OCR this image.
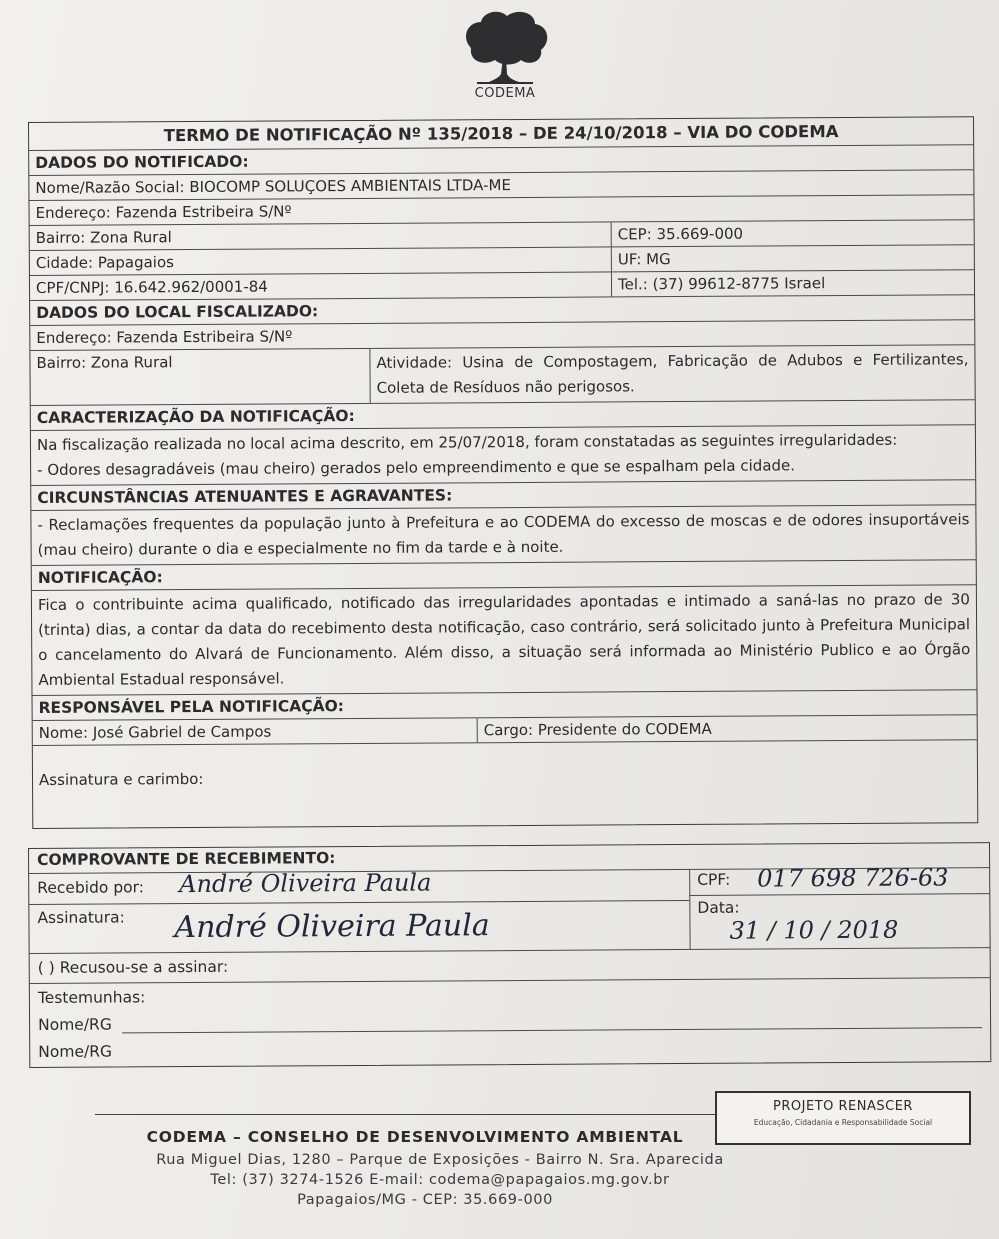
CODEMA
TERMO DE NOTIFICAÇÃO Nº 135/2018 – DE 24/10/2018 – VIA DO CODEMA
DADOS DO NOTIFICADO:
Nome/Razão Social: BIOCOMP SOLUÇOES AMBIENTAIS LTDA-ME
Endereço: Fazenda Estribeira S/Nº
Bairro: Zona Rural	CEP: 35.669-000
Cidade: Papagaios	UF: MG
CPF/CNPJ: 16.642.962/0001-84	Tel.: (37) 99612-8775 Israel
DADOS DO LOCAL FISCALIZADO:
Endereço: Fazenda Estribeira S/Nº
Bairro: Zona Rural	Atividade: Usina de Compostagem, Fabricação de Adubos e Fertilizantes, Coleta de Resíduos não perigosos.
CARACTERIZAÇÃO DA NOTIFICAÇÃO:

Na fiscalização realizada no local acima descrito, em 25/07/2018, foram constatadas as seguintes irregularidades:

- Odores desagradáveis (mau cheiro) gerados pelo empreendimento e que se espalham pela cidade.

CIRCUNSTÂNCIAS ATENUANTES E AGRAVANTES:
- Reclamações frequentes da população junto à Prefeitura e ao CODEMA do excesso de moscas e de odores insuportáveis (mau cheiro) durante o dia e especialmente no fim da tarde e à noite.
NOTIFICAÇÃO:
Fica o contribuinte acima qualificado, notificado das irregularidades apontadas e intimado a saná-las no prazo de 30 (trinta) dias, a contar da data do recebimento desta notificação, caso contrário, será solicitado junto à Prefeitura Municipal o cancelamento do Alvará de Funcionamento. Além disso, a situação será informada ao Ministério Publico e ao Órgão Ambiental Estadual responsável.
RESPONSÁVEL PELA NOTIFICAÇÃO:
Nome: José Gabriel de Campos	Cargo: Presidente do CODEMA
Assinatura e carimbo:
COMPROVANTE DE RECEBIMENTO:
Recebido por: André Oliveira Paula
Assinatura: André Oliveira Paula
CPF: 017 698 726-63
Data:
31 / 10 / 2018
( ) Recusou-se a assinar:
Testemunhas:
Nome/RG
Nome/RG
CODEMA – CONSELHO DE DESENVOLVIMENTO AMBIENTAL
Rua Miguel Dias, 1280 – Parque de Exposições - Bairro N. Sra. Aparecida
Tel: (37) 3274-1526 E-mail: codema@papagaios.mg.gov.br
Papagaios/MG - CEP: 35.669-000
PROJETO RENASCER
Educação, Cidadania e Responsabilidade Social
